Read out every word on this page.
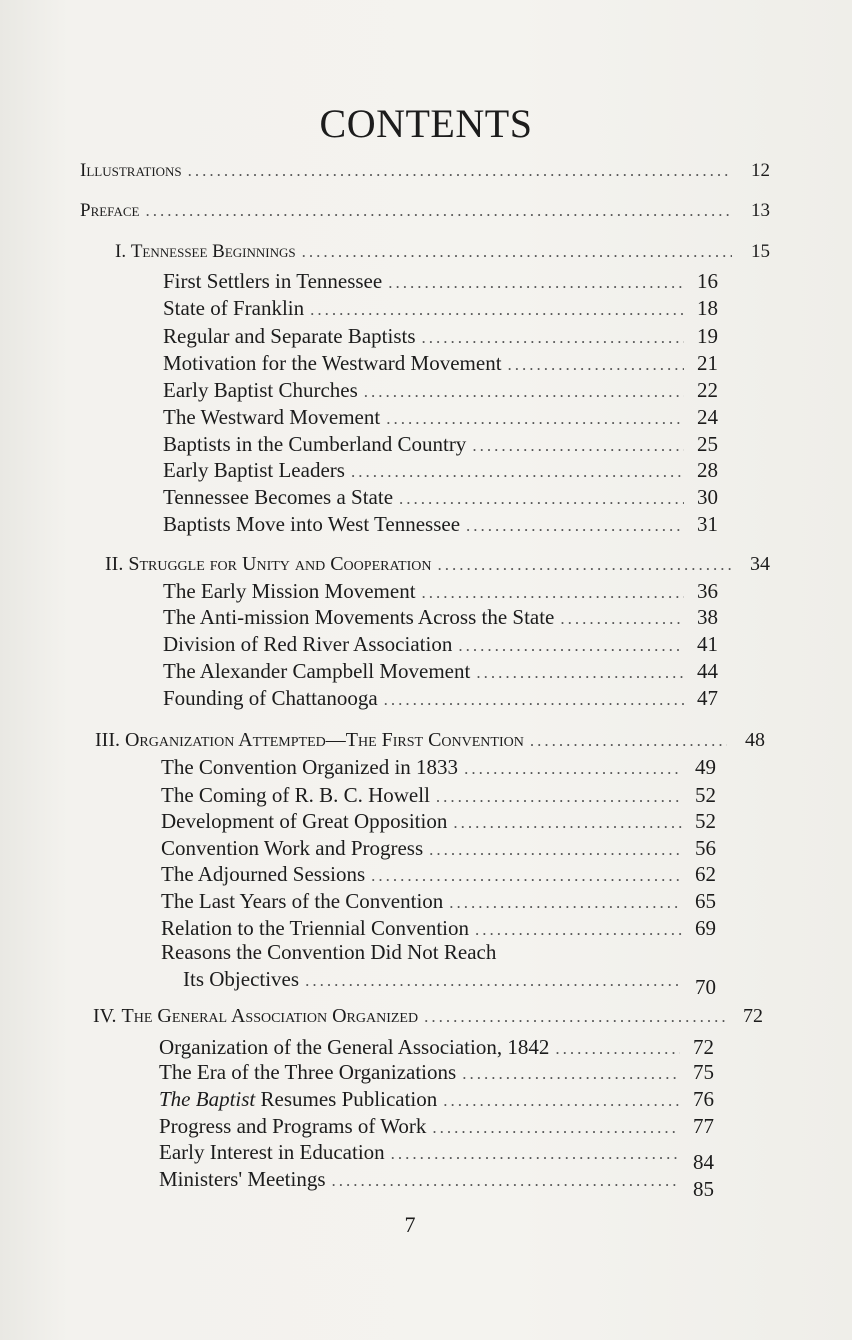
CONTENTS
Illustrations .....	12
Preface .....	13
I. Tennessee Beginnings .....	15
First Settlers in Tennessee .....	16
State of Franklin .....	18
Regular and Separate Baptists .....	19
Motivation for the Westward Movement .....	21
Early Baptist Churches .....	22
The Westward Movement .....	24
Baptists in the Cumberland Country .....	25
Early Baptist Leaders .....	28
Tennessee Becomes a State .....	30
Baptists Move into West Tennessee .....	31
II. Struggle for Unity and Cooperation .....	34
The Early Mission Movement .....	36
The Anti-mission Movements Across the State .....	38
Division of Red River Association .....	41
The Alexander Campbell Movement .....	44
Founding of Chattanooga .....	47
III. Organization Attempted—The First Convention .....	48
The Convention Organized in 1833 .....	49
The Coming of R. B. C. Howell .....	52
Development of Great Opposition .....	52
Convention Work and Progress .....	56
The Adjourned Sessions .....	62
The Last Years of the Convention .....	65
Relation to the Triennial Convention .....	69
Reasons the Convention Did Not Reach
Its Objectives .....	70
IV. The General Association Organized .....	72
Organization of the General Association, 1842 .....	72
The Era of the Three Organizations .....	75
The Baptist Resumes Publication .....	76
Progress and Programs of Work .....	77
Early Interest in Education .....	84
Ministers' Meetings .....	85
7
